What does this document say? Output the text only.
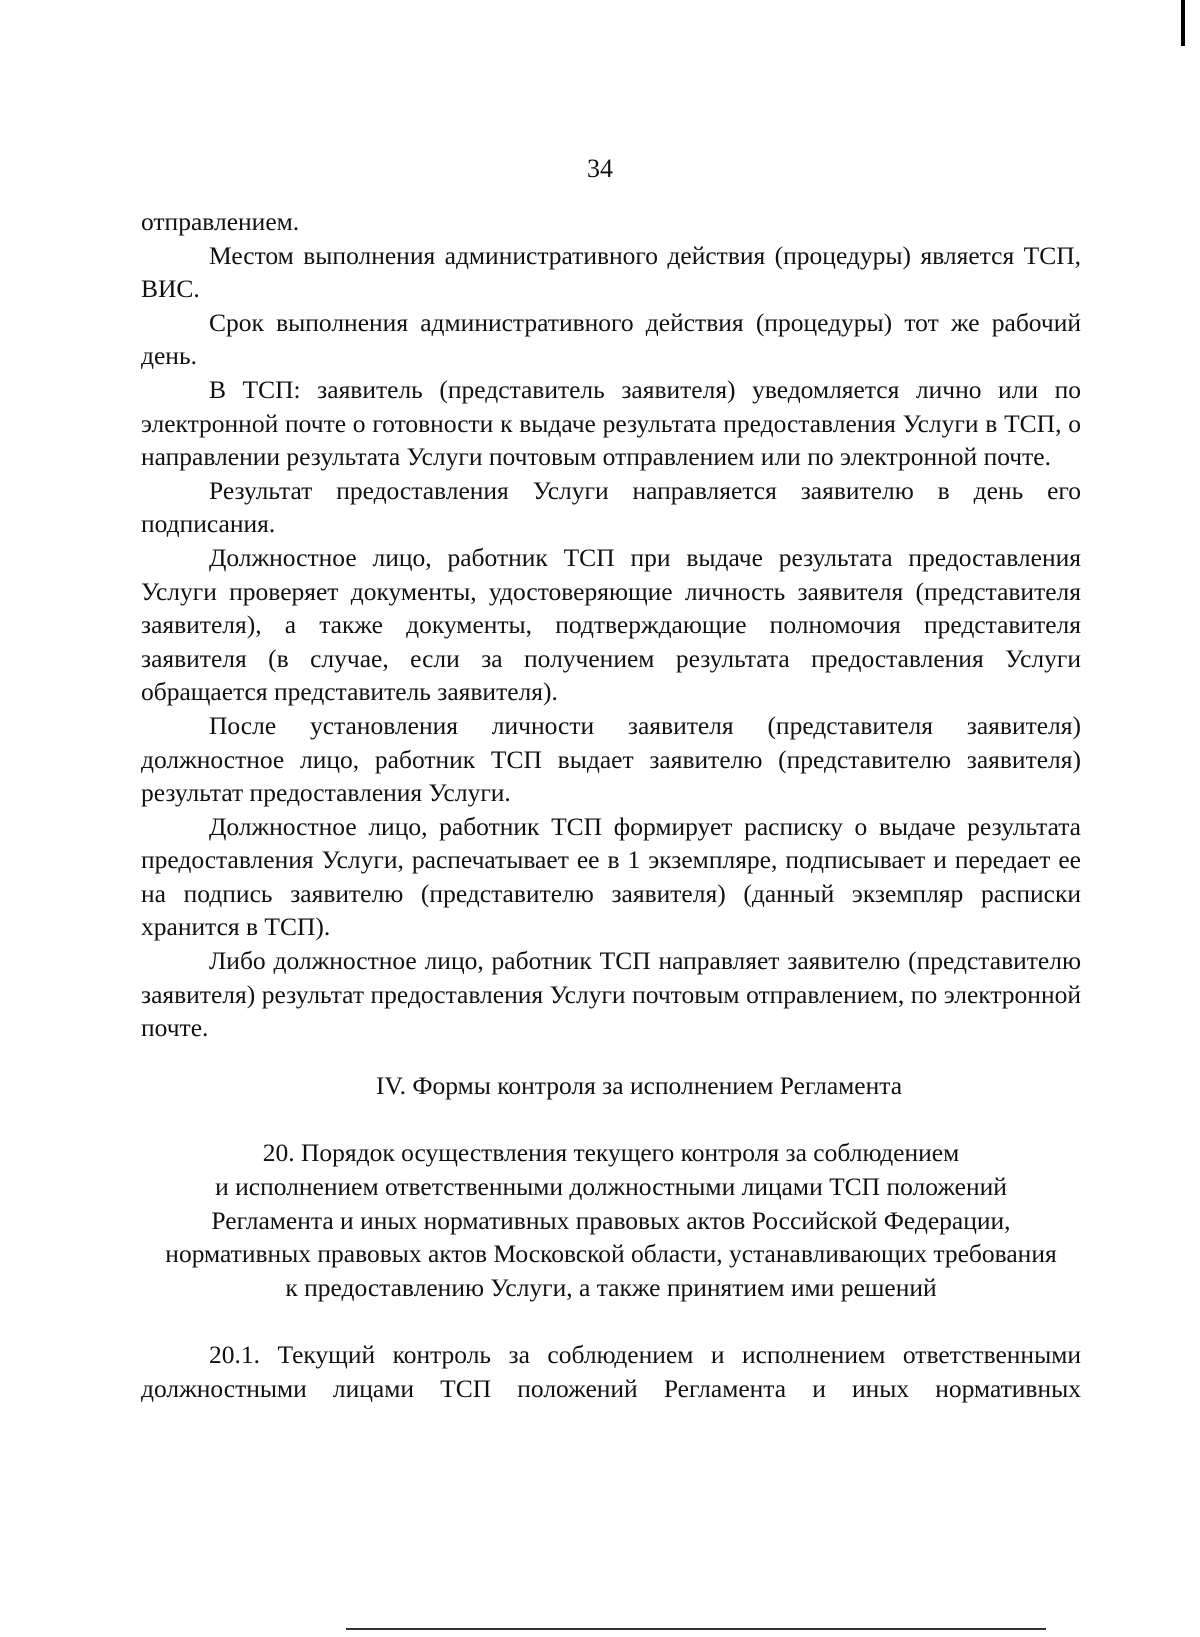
34

отправлением.

Местом выполнения административного действия (процедуры) является ТСП, ВИС.

Срок выполнения административного действия (процедуры) тот же рабочий день.

В ТСП: заявитель (представитель заявителя) уведомляется лично или по электронной почте о готовности к выдаче результата предоставления Услуги в ТСП, о направлении результата Услуги почтовым отправлением или по электронной почте.

Результат предоставления Услуги направляется заявителю в день его подписания.

Должностное лицо, работник ТСП при выдаче результата предоставления Услуги проверяет документы, удостоверяющие личность заявителя (представителя заявителя), а также документы, подтверждающие полномочия представителя заявителя (в случае, если за получением результата предоставления Услуги обращается представитель заявителя).

После установления личности заявителя (представителя заявителя) должностное лицо, работник ТСП выдает заявителю (представителю заявителя) результат предоставления Услуги.

Должностное лицо, работник ТСП формирует расписку о выдаче результата предоставления Услуги, распечатывает ее в 1 экземпляре, подписывает и передает ее на подпись заявителю (представителю заявителя) (данный экземпляр расписки хранится в ТСП).

Либо должностное лицо, работник ТСП направляет заявителю (представителю заявителя) результат предоставления Услуги почтовым отправлением, по электронной почте.

IV. Формы контроля за исполнением Регламента

20. Порядок осуществления текущего контроля за соблюдением
и исполнением ответственными должностными лицами ТСП положений
Регламента и иных нормативных правовых актов Российской Федерации,
нормативных правовых актов Московской области, устанавливающих требования
к предоставлению Услуги, а также принятием ими решений

20.1. Текущий контроль за соблюдением и исполнением ответственными должностными лицами ТСП положений Регламента и иных нормативных
